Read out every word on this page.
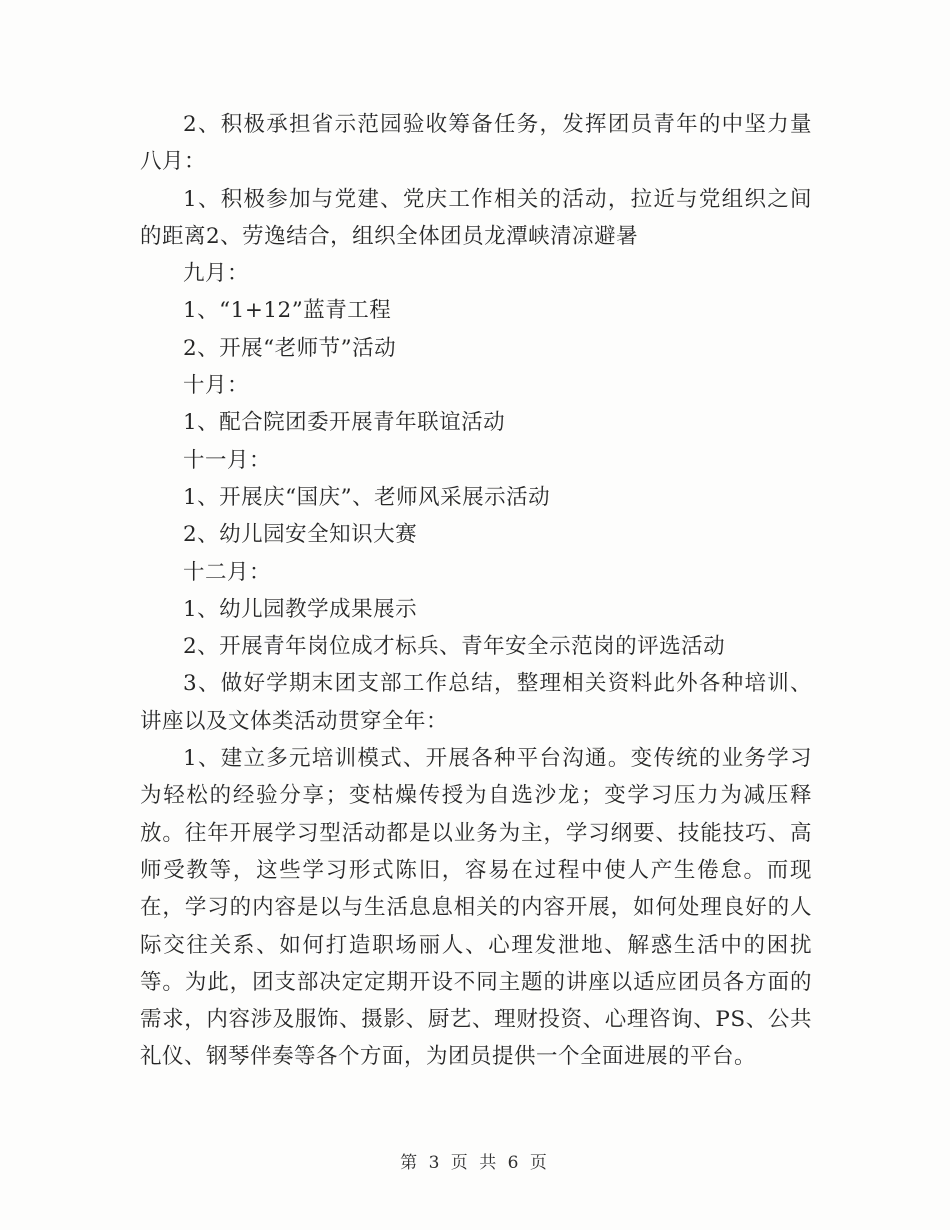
2、积极承担省示范园验收筹备任务，发挥团员青年的中坚力量八月：

1、积极参加与党建、党庆工作相关的活动，拉近与党组织之间的距离2、劳逸结合，组织全体团员龙潭峡清凉避暑

九月：

1、“1+12”蓝青工程

2、开展“老师节”活动

十月：

1、配合院团委开展青年联谊活动

十一月：

1、开展庆“国庆”、老师风采展示活动

2、幼儿园安全知识大赛

十二月：

1、幼儿园教学成果展示

2、开展青年岗位成才标兵、青年安全示范岗的评选活动

3、做好学期末团支部工作总结，整理相关资料此外各种培训、讲座以及文体类活动贯穿全年：

1、建立多元培训模式、开展各种平台沟通。变传统的业务学习为轻松的经验分享；变枯燥传授为自选沙龙；变学习压力为减压释放。往年开展学习型活动都是以业务为主，学习纲要、技能技巧、高师受教等，这些学习形式陈旧，容易在过程中使人产生倦怠。而现在，学习的内容是以与生活息息相关的内容开展，如何处理良好的人际交往关系、如何打造职场丽人、心理发泄地、解惑生活中的困扰等。为此，团支部决定定期开设不同主题的讲座以适应团员各方面的需求，内容涉及服饰、摄影、厨艺、理财投资、心理咨询、PS、公共礼仪、钢琴伴奏等各个方面，为团员提供一个全面进展的平台。

第 3 页 共 6 页
